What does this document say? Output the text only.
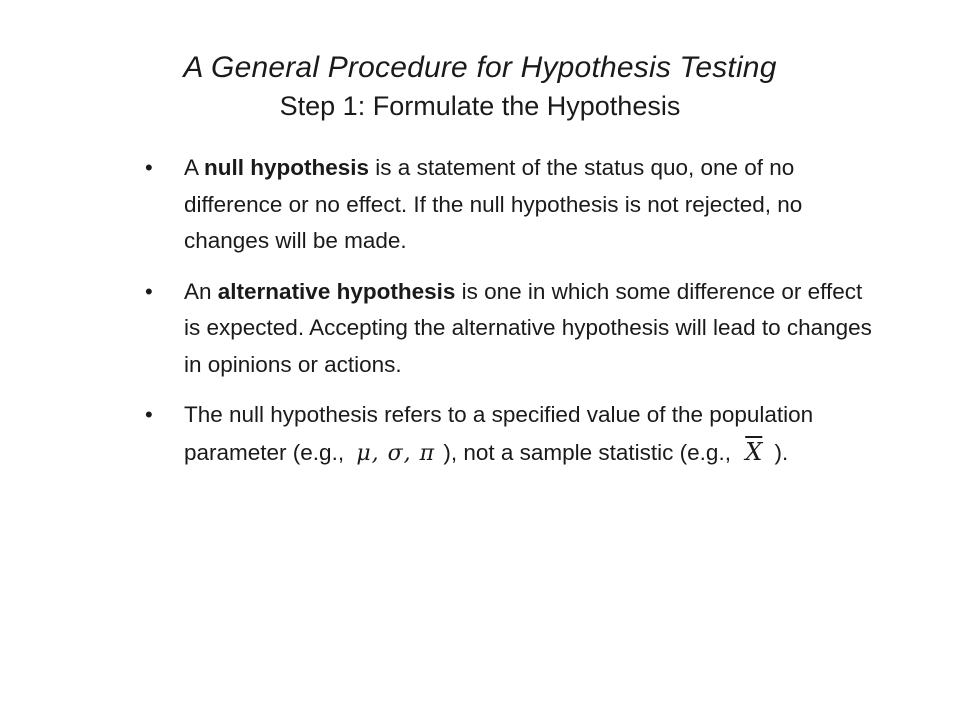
A General Procedure for Hypothesis Testing
Step 1: Formulate the Hypothesis
• A null hypothesis is a statement of the status quo, one of no difference or no effect. If the null hypothesis is not rejected, no changes will be made.
• An alternative hypothesis is one in which some difference or effect is expected. Accepting the alternative hypothesis will lead to changes in opinions or actions.
• The null hypothesis refers to a specified value of the population parameter (e.g., μ, σ, π ), not a sample statistic (e.g., $\overline{X}$ ).
